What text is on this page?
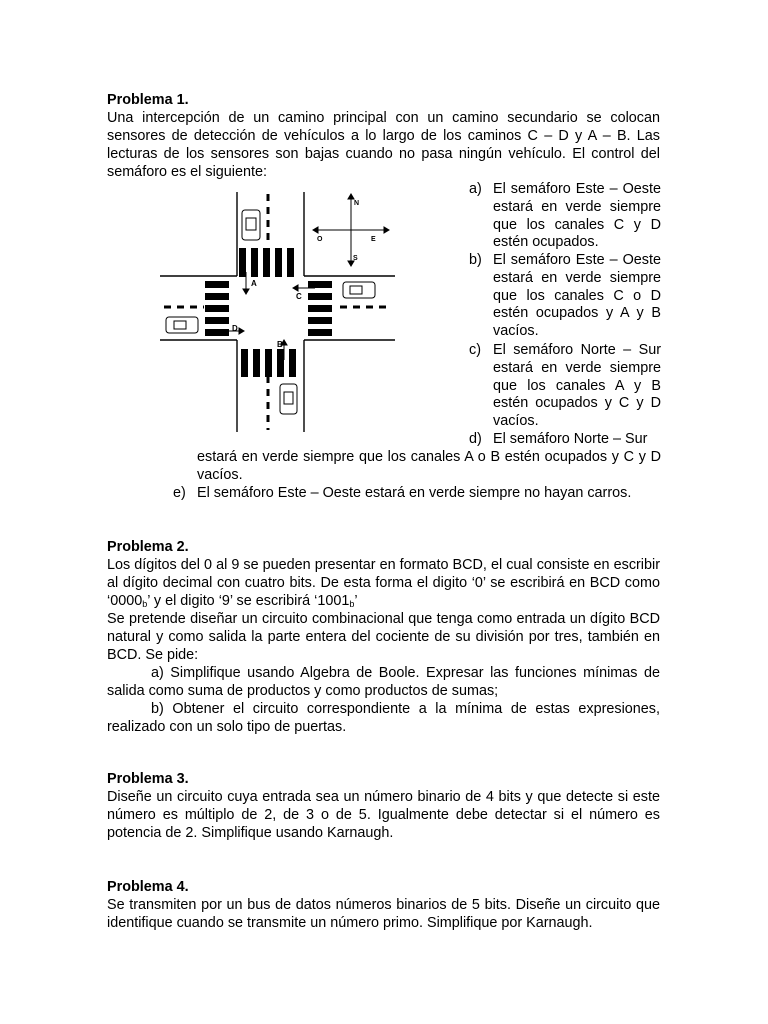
Problema 1.
Una intercepción de un camino principal con un camino secundario se colocan sensores de detección de vehículos a lo largo de los caminos C – D y A – B. Las lecturas de los sensores son bajas cuando no pasa ningún vehículo. El control del semáforo es el siguiente:
A
B
C
D
N
S
E
O
a) El semáforo Este – Oeste estará en verde siempre que los canales C y D estén ocupados.
b) El semáforo Este – Oeste estará en verde siempre que los canales C o D estén ocupados y A y B vacíos.
c) El semáforo Norte – Sur estará en verde siempre que los canales A y B estén ocupados y C y D vacíos.
d) El semáforo Norte – Sur
estará en verde siempre que los canales A o B estén ocupados y C y D vacíos.
e) El semáforo Este – Oeste estará en verde siempre no hayan carros.
Problema 2.
Los dígitos del 0 al 9 se pueden presentar en formato BCD, el cual consiste en escribir al dígito decimal con cuatro bits. De esta forma el digito ‘0’ se escribirá en BCD como ‘$0000_b$’ y el digito ‘9’ se escribirá ‘$1001_b$’
Se pretende diseñar un circuito combinacional que tenga como entrada un dígito BCD natural y como salida la parte entera del cociente de su división por tres, también en BCD. Se pide:
a) Simplifique usando Algebra de Boole. Expresar las funciones mínimas de salida como suma de productos y como productos de sumas;
b) Obtener el circuito correspondiente a la mínima de estas expresiones, realizado con un solo tipo de puertas.
Problema 3.
Diseñe un circuito cuya entrada sea un número binario de 4 bits y que detecte si este número es múltiplo de 2, de 3 o de 5. Igualmente debe detectar si el número es potencia de 2. Simplifique usando Karnaugh.
Problema 4.
Se transmiten por un bus de datos números binarios de 5 bits. Diseñe un circuito que identifique cuando se transmite un número primo. Simplifique por Karnaugh.
